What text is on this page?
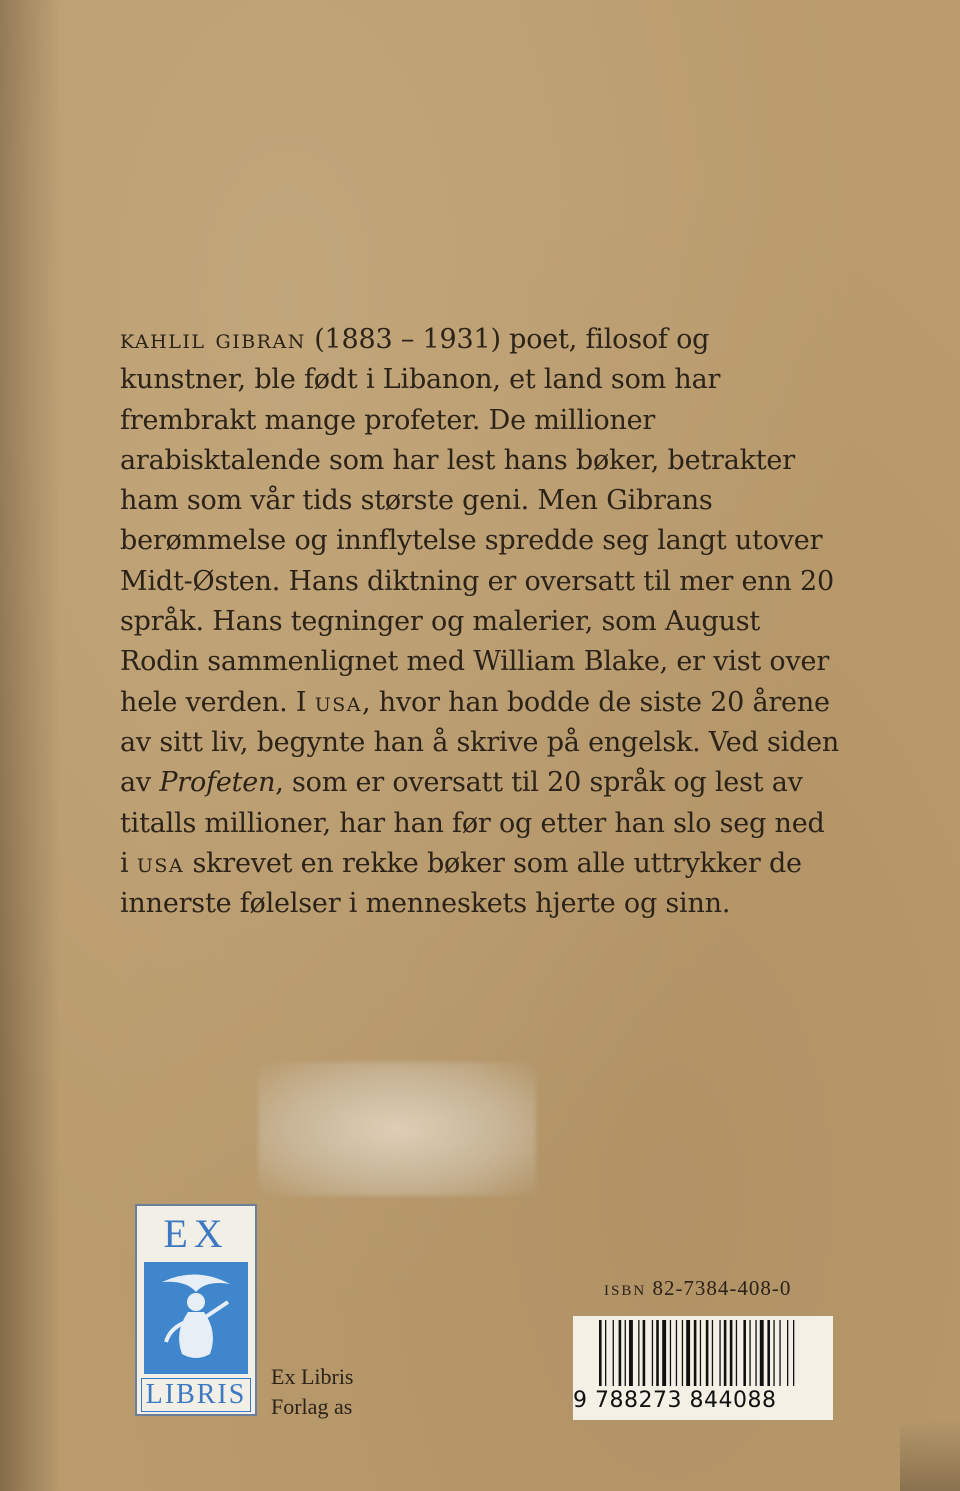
kahlil gibran (1883 – 1931) poet, filosof og kunstner, ble født i Libanon, et land som har frembrakt mange profeter. De millioner arabisktalende som har lest hans bøker, betrakter ham som vår tids største geni. Men Gibrans berømmelse og innflytelse spredde seg langt utover Midt-Østen. Hans diktning er oversatt til mer enn 20 språk. Hans tegninger og malerier, som August Rodin sammenlignet med William Blake, er vist over hele verden. I usa, hvor han bodde de siste 20 årene av sitt liv, begynte han å skrive på engelsk. Ved siden av Profeten, som er oversatt til 20 språk og lest av titalls millioner, har han før og etter han slo seg ned i usa skrevet en rekke bøker som alle uttrykker de innerste følelser i menneskets hjerte og sinn.

EX
LIBRIS
Ex Libris
Forlag as
isbn 82-7384-408-0
9 788273 844088
